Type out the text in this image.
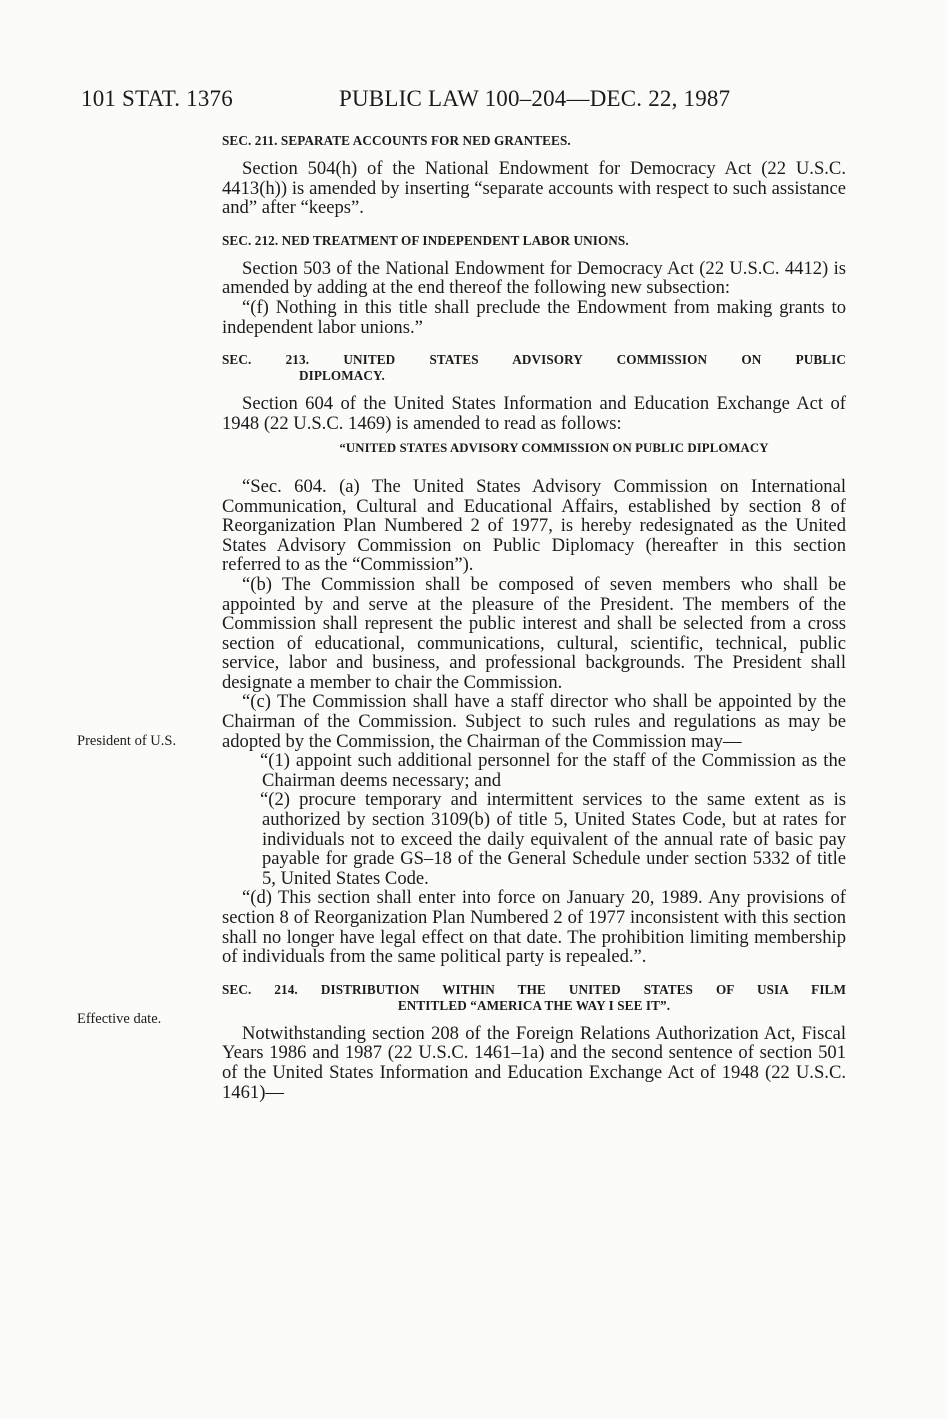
101 STAT. 1376	PUBLIC LAW 100–204—DEC. 22, 1987
President of U.S.
Effective date.
SEC. 211. SEPARATE ACCOUNTS FOR NED GRANTEES.

Section 504(h) of the National Endowment for Democracy Act (22 U.S.C. 4413(h)) is amended by inserting “separate accounts with respect to such assistance and” after “keeps”.

SEC. 212. NED TREATMENT OF INDEPENDENT LABOR UNIONS.

Section 503 of the National Endowment for Democracy Act (22 U.S.C. 4412) is amended by adding at the end thereof the following new subsection:

“(f) Nothing in this title shall preclude the Endowment from making grants to independent labor unions.”

SEC. 213. UNITED STATES ADVISORY COMMISSION ON PUBLIC
DIPLOMACY.

Section 604 of the United States Information and Education Exchange Act of 1948 (22 U.S.C. 1469) is amended to read as follows:

“UNITED STATES ADVISORY COMMISSION ON PUBLIC DIPLOMACY

“Sec. 604. (a) The United States Advisory Commission on International Communication, Cultural and Educational Affairs, established by section 8 of Reorganization Plan Numbered 2 of 1977, is hereby redesignated as the United States Advisory Commission on Public Diplomacy (hereafter in this section referred to as the “Commission”).

“(b) The Commission shall be composed of seven members who shall be appointed by and serve at the pleasure of the President. The members of the Commission shall represent the public interest and shall be selected from a cross section of educational, communications, cultural, scientific, technical, public service, labor and business, and professional backgrounds. The President shall designate a member to chair the Commission.

“(c) The Commission shall have a staff director who shall be appointed by the Chairman of the Commission. Subject to such rules and regulations as may be adopted by the Commission, the Chairman of the Commission may—

“(1) appoint such additional personnel for the staff of the Commission as the Chairman deems necessary; and

“(2) procure temporary and intermittent services to the same extent as is authorized by section 3109(b) of title 5, United States Code, but at rates for individuals not to exceed the daily equivalent of the annual rate of basic pay payable for grade GS–18 of the General Schedule under section 5332 of title 5, United States Code.

“(d) This section shall enter into force on January 20, 1989. Any provisions of section 8 of Reorganization Plan Numbered 2 of 1977 inconsistent with this section shall no longer have legal effect on that date. The prohibition limiting membership of individuals from the same political party is repealed.”.

SEC. 214. DISTRIBUTION WITHIN THE UNITED STATES OF USIA FILM
ENTITLED “AMERICA THE WAY I SEE IT”.

Notwithstanding section 208 of the Foreign Relations Authorization Act, Fiscal Years 1986 and 1987 (22 U.S.C. 1461–1a) and the second sentence of section 501 of the United States Information and Education Exchange Act of 1948 (22 U.S.C. 1461)—
